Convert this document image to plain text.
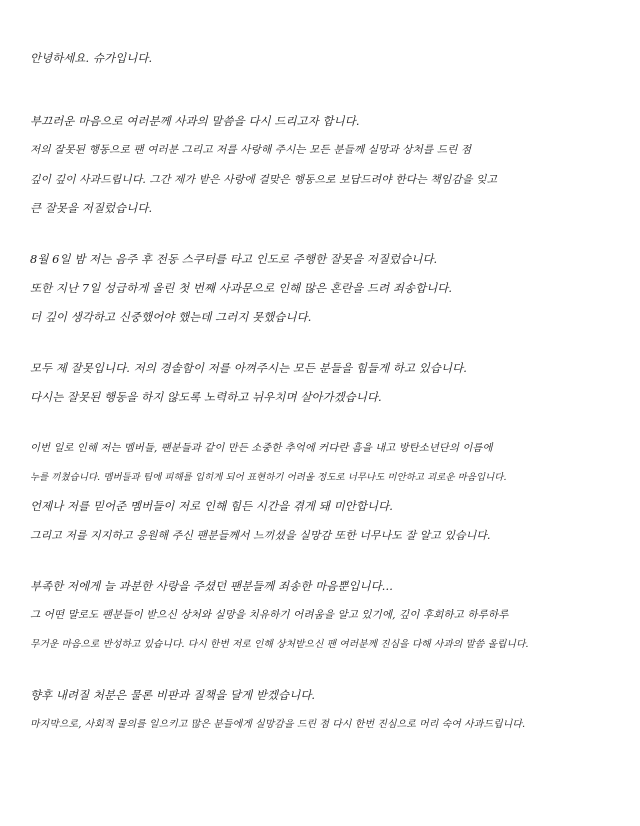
안녕하세요. 슈가입니다.
부끄러운 마음으로 여러분께 사과의 말씀을 다시 드리고자 합니다.
저의 잘못된 행동으로 팬 여러분 그리고 저를 사랑해 주시는 모든 분들께 실망과 상처를 드린 점
깊이 깊이 사과드립니다. 그간 제가 받은 사랑에 걸맞은 행동으로 보답드려야 한다는 책임감을 잊고
큰 잘못을 저질렀습니다.
8월 6일 밤 저는 음주 후 전동 스쿠터를 타고 인도로 주행한 잘못을 저질렀습니다.
또한 지난 7일 성급하게 올린 첫 번째 사과문으로 인해 많은 혼란을 드려 죄송합니다.
더 깊이 생각하고 신중했어야 했는데 그러지 못했습니다.
모두 제 잘못입니다. 저의 경솔함이 저를 아껴주시는 모든 분들을 힘들게 하고 있습니다.
다시는 잘못된 행동을 하지 않도록 노력하고 뉘우치며 살아가겠습니다.
이번 일로 인해 저는 멤버들, 팬분들과 같이 만든 소중한 추억에 커다란 흠을 내고 방탄소년단의 이름에
누를 끼쳤습니다. 멤버들과 팀에 피해를 입히게 되어 표현하기 어려울 정도로 너무나도 미안하고 괴로운 마음입니다.
언제나 저를 믿어준 멤버들이 저로 인해 힘든 시간을 겪게 돼 미안합니다.
그리고 저를 지지하고 응원해 주신 팬분들께서 느끼셨을 실망감 또한 너무나도 잘 알고 있습니다.
부족한 저에게 늘 과분한 사랑을 주셨던 팬분들께 죄송한 마음뿐입니다...
그 어떤 말로도 팬분들이 받으신 상처와 실망을 치유하기 어려움을 알고 있기에, 깊이 후회하고 하루하루
무거운 마음으로 반성하고 있습니다. 다시 한번 저로 인해 상처받으신 팬 여러분께 진심을 다해 사과의 말씀 올립니다.
향후 내려질 처분은 물론 비판과 질책을 달게 받겠습니다.
마지막으로, 사회적 물의를 일으키고 많은 분들에게 실망감을 드린 점 다시 한번 진심으로 머리 숙여 사과드립니다.
